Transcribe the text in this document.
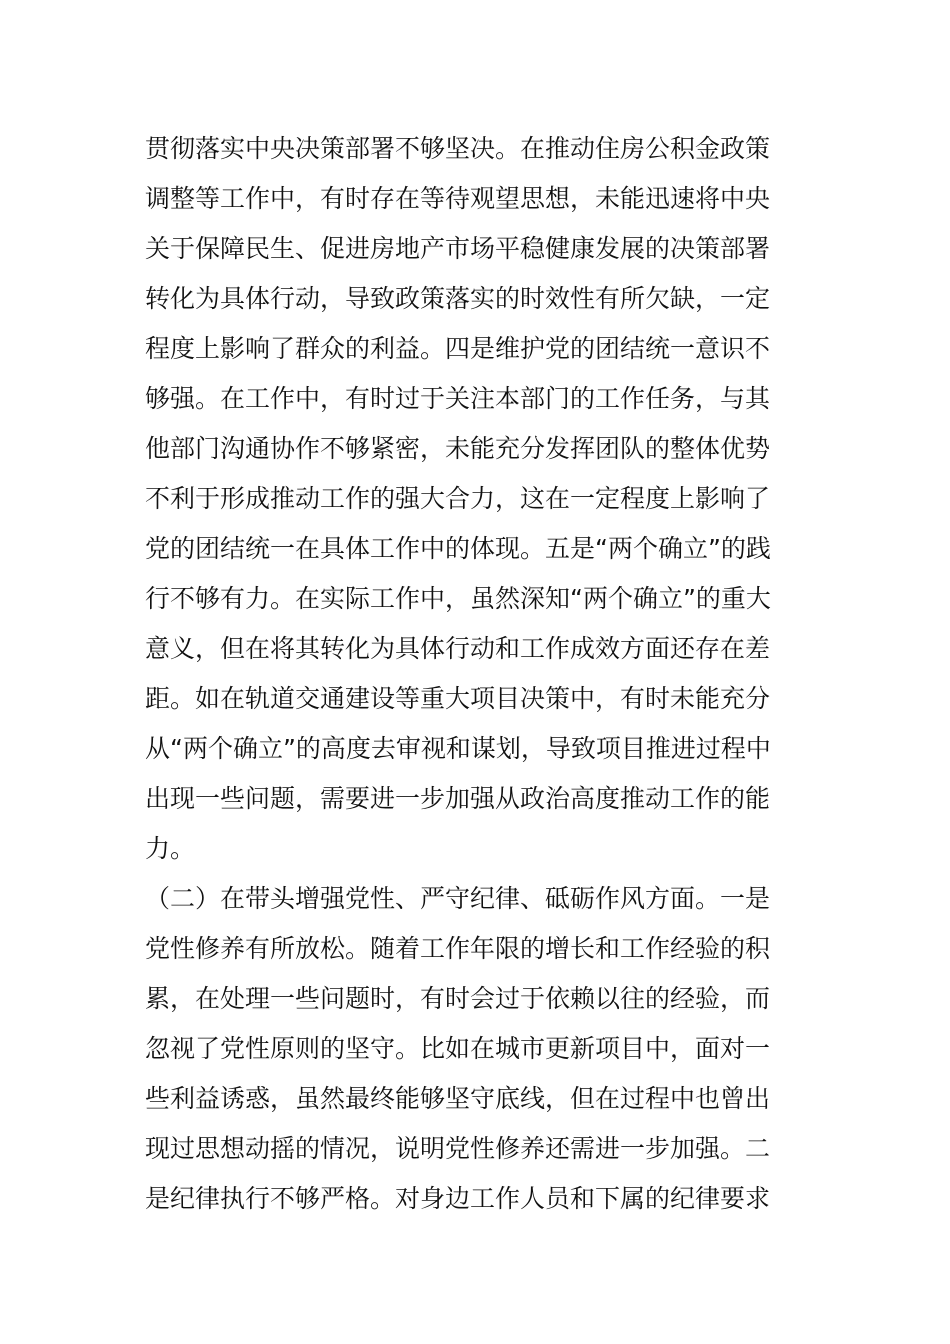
贯彻落实中央决策部署不够坚决。在推动住房公积金政策
调整等工作中，有时存在等待观望思想，未能迅速将中央
关于保障民生、促进房地产市场平稳健康发展的决策部署
转化为具体行动，导致政策落实的时效性有所欠缺，一定
程度上影响了群众的利益。四是维护党的团结统一意识不
够强。在工作中，有时过于关注本部门的工作任务，与其
他部门沟通协作不够紧密，未能充分发挥团队的整体优势
不利于形成推动工作的强大合力，这在一定程度上影响了
党的团结统一在具体工作中的体现。五是“两个确立”的践
行不够有力。在实际工作中，虽然深知“两个确立”的重大
意义，但在将其转化为具体行动和工作成效方面还存在差
距。如在轨道交通建设等重大项目决策中，有时未能充分
从“两个确立”的高度去审视和谋划，导致项目推进过程中
出现一些问题，需要进一步加强从政治高度推动工作的能
力。
（二）在带头增强党性、严守纪律、砥砺作风方面。一是
党性修养有所放松。随着工作年限的增长和工作经验的积
累，在处理一些问题时，有时会过于依赖以往的经验，而
忽视了党性原则的坚守。比如在城市更新项目中，面对一
些利益诱惑，虽然最终能够坚守底线，但在过程中也曾出
现过思想动摇的情况，说明党性修养还需进一步加强。二
是纪律执行不够严格。对身边工作人员和下属的纪律要求
